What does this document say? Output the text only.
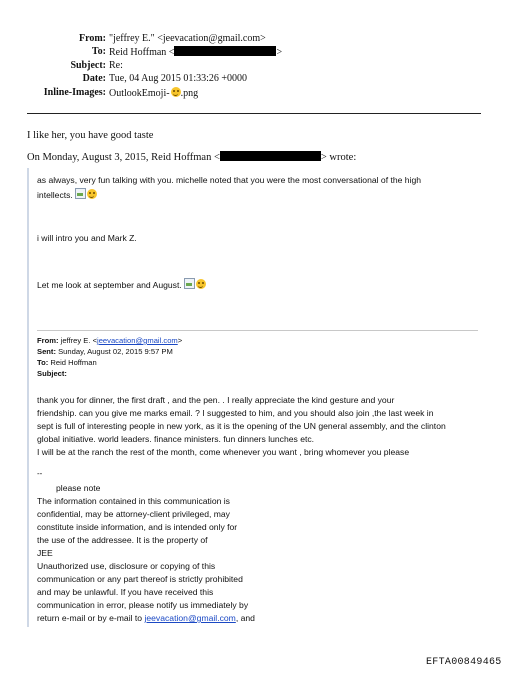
From: "jeffrey E." <jeevacation@gmail.com>
To: Reid Hoffman <	>
Subject: Re:
Date: Tue, 04 Aug 2015 01:33:26 +0000
Inline-Images: OutlookEmoji- .png
I like her, you have good taste
On Monday, August 3, 2015, Reid Hoffman <	> wrote:
as always, very fun talking with you. michelle noted that you were the most conversational of the high
intellects.
i will intro you and Mark Z.
Let me look at september and August.
From: jeffrey E. <jeevacation@gmail.com>
Sent: Sunday, August 02, 2015 9:57 PM
To: Reid Hoffman
Subject:
thank you for dinner, the first draft , and the pen. . I really appreciate the kind gesture and your
friendship. can you give me marks email. ? I suggested to him, and you should also join ,the last week in
sept is full of interesting people in new york, as it is the opening of the UN general assembly, and the clinton
global initiative. world leaders. finance ministers. fun dinners lunches etc.
I will be at the ranch the rest of the month, come whenever you want , bring whomever you please
--
please note
The information contained in this communication is
confidential, may be attorney-client privileged, may
constitute inside information, and is intended only for
the use of the addressee. It is the property of
JEE
Unauthorized use, disclosure or copying of this
communication or any part thereof is strictly prohibited
and may be unlawful. If you have received this
communication in error, please notify us immediately by
return e-mail or by e-mail to jeevacation@gmail.com, and
EFTA00849465
